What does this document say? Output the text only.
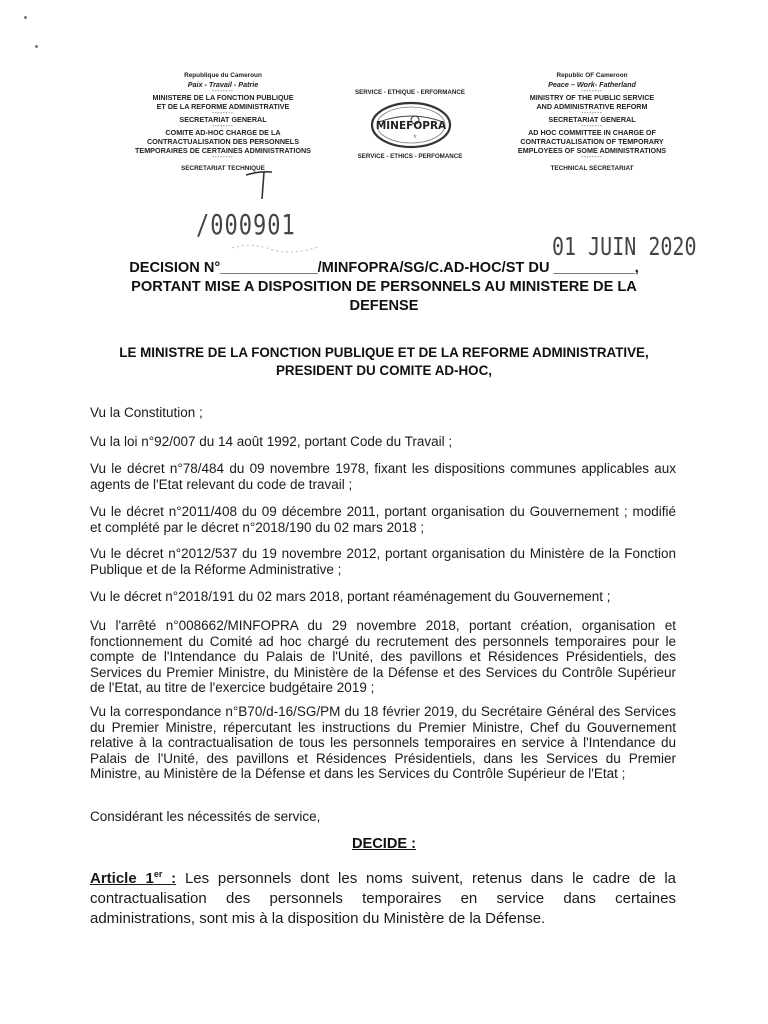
Republique du Cameroun
Paix - Travail - Patrie
--------
MINISTERE DE LA FONCTION PUBLIQUE
ET DE LA REFORME ADMINISTRATIVE
--------
SECRETARIAT GENERAL
--------
COMITE AD-HOC CHARGE DE LA
CONTRACTUALISATION DES PERSONNELS
TEMPORAIRES DE CERTAINES ADMINISTRATIONS
--------
SECRETARIAT TECHNIQUE
SERVICE - ETHIQUE - ERFORMANCE
MINEFOPRA
fr
SERVICE - ETHICS - PERFOMANCE
Republic OF Cameroon
Peace – Work- Fatherland
--------
MINISTRY OF THE PUBLIC SERVICE
AND ADMINISTRATIVE REFORM
--------
SECRETARIAT GENERAL
--------
AD HOC COMMITTEE IN CHARGE OF
CONTRACTUALISATION OF TEMPORARY
EMPLOYEES OF SOME ADMINISTRATIONS
--------
TECHNICAL SECRETARIAT
/000901
01 JUIN 2020
DECISION N°____________/MINFOPRA/SG/C.AD-HOC/ST DU __________,
PORTANT MISE A DISPOSITION DE PERSONNELS AU MINISTERE DE LA
DEFENSE
LE MINISTRE DE LA FONCTION PUBLIQUE ET DE LA REFORME ADMINISTRATIVE,
PRESIDENT DU COMITE AD-HOC,
Vu la Constitution ;
Vu la loi n°92/007 du 14 août 1992, portant Code du Travail ;
Vu le décret n°78/484 du 09 novembre 1978, fixant les dispositions communes applicables aux agents de l'Etat relevant du code de travail ;
Vu le décret n°2011/408 du 09 décembre 2011, portant organisation du Gouvernement ; modifié et complété par le décret n°2018/190 du 02 mars 2018 ;
Vu le décret n°2012/537 du 19 novembre 2012, portant organisation du Ministère de la Fonction Publique et de la Réforme Administrative ;
Vu le décret n°2018/191 du 02 mars 2018, portant réaménagement du Gouvernement ;
Vu l'arrêté n°008662/MINFOPRA du 29 novembre 2018, portant création, organisation et fonctionnement du Comité ad hoc chargé du recrutement des personnels temporaires pour le compte de l'Intendance du Palais de l'Unité, des pavillons et Résidences Présidentiels, des Services du Premier Ministre, du Ministère de la Défense et des Services du Contrôle Supérieur de l'Etat, au titre de l'exercice budgétaire 2019 ;
Vu la correspondance n°B70/d-16/SG/PM du 18 février 2019, du Secrétaire Général des Services du Premier Ministre, répercutant les instructions du Premier Ministre, Chef du Gouvernement relative à la contractualisation de tous les personnels temporaires en service à l'Intendance du Palais de l'Unité, des pavillons et Résidences Présidentiels, dans les Services du Premier Ministre, au Ministère de la Défense et dans les Services du Contrôle Supérieur de l'Etat ;
Considérant les nécessités de service,
DECIDE :
Article 1er : Les personnels dont les noms suivent, retenus dans le cadre de la contractualisation des personnels temporaires en service dans certaines administrations, sont mis à la disposition du Ministère de la Défense.
